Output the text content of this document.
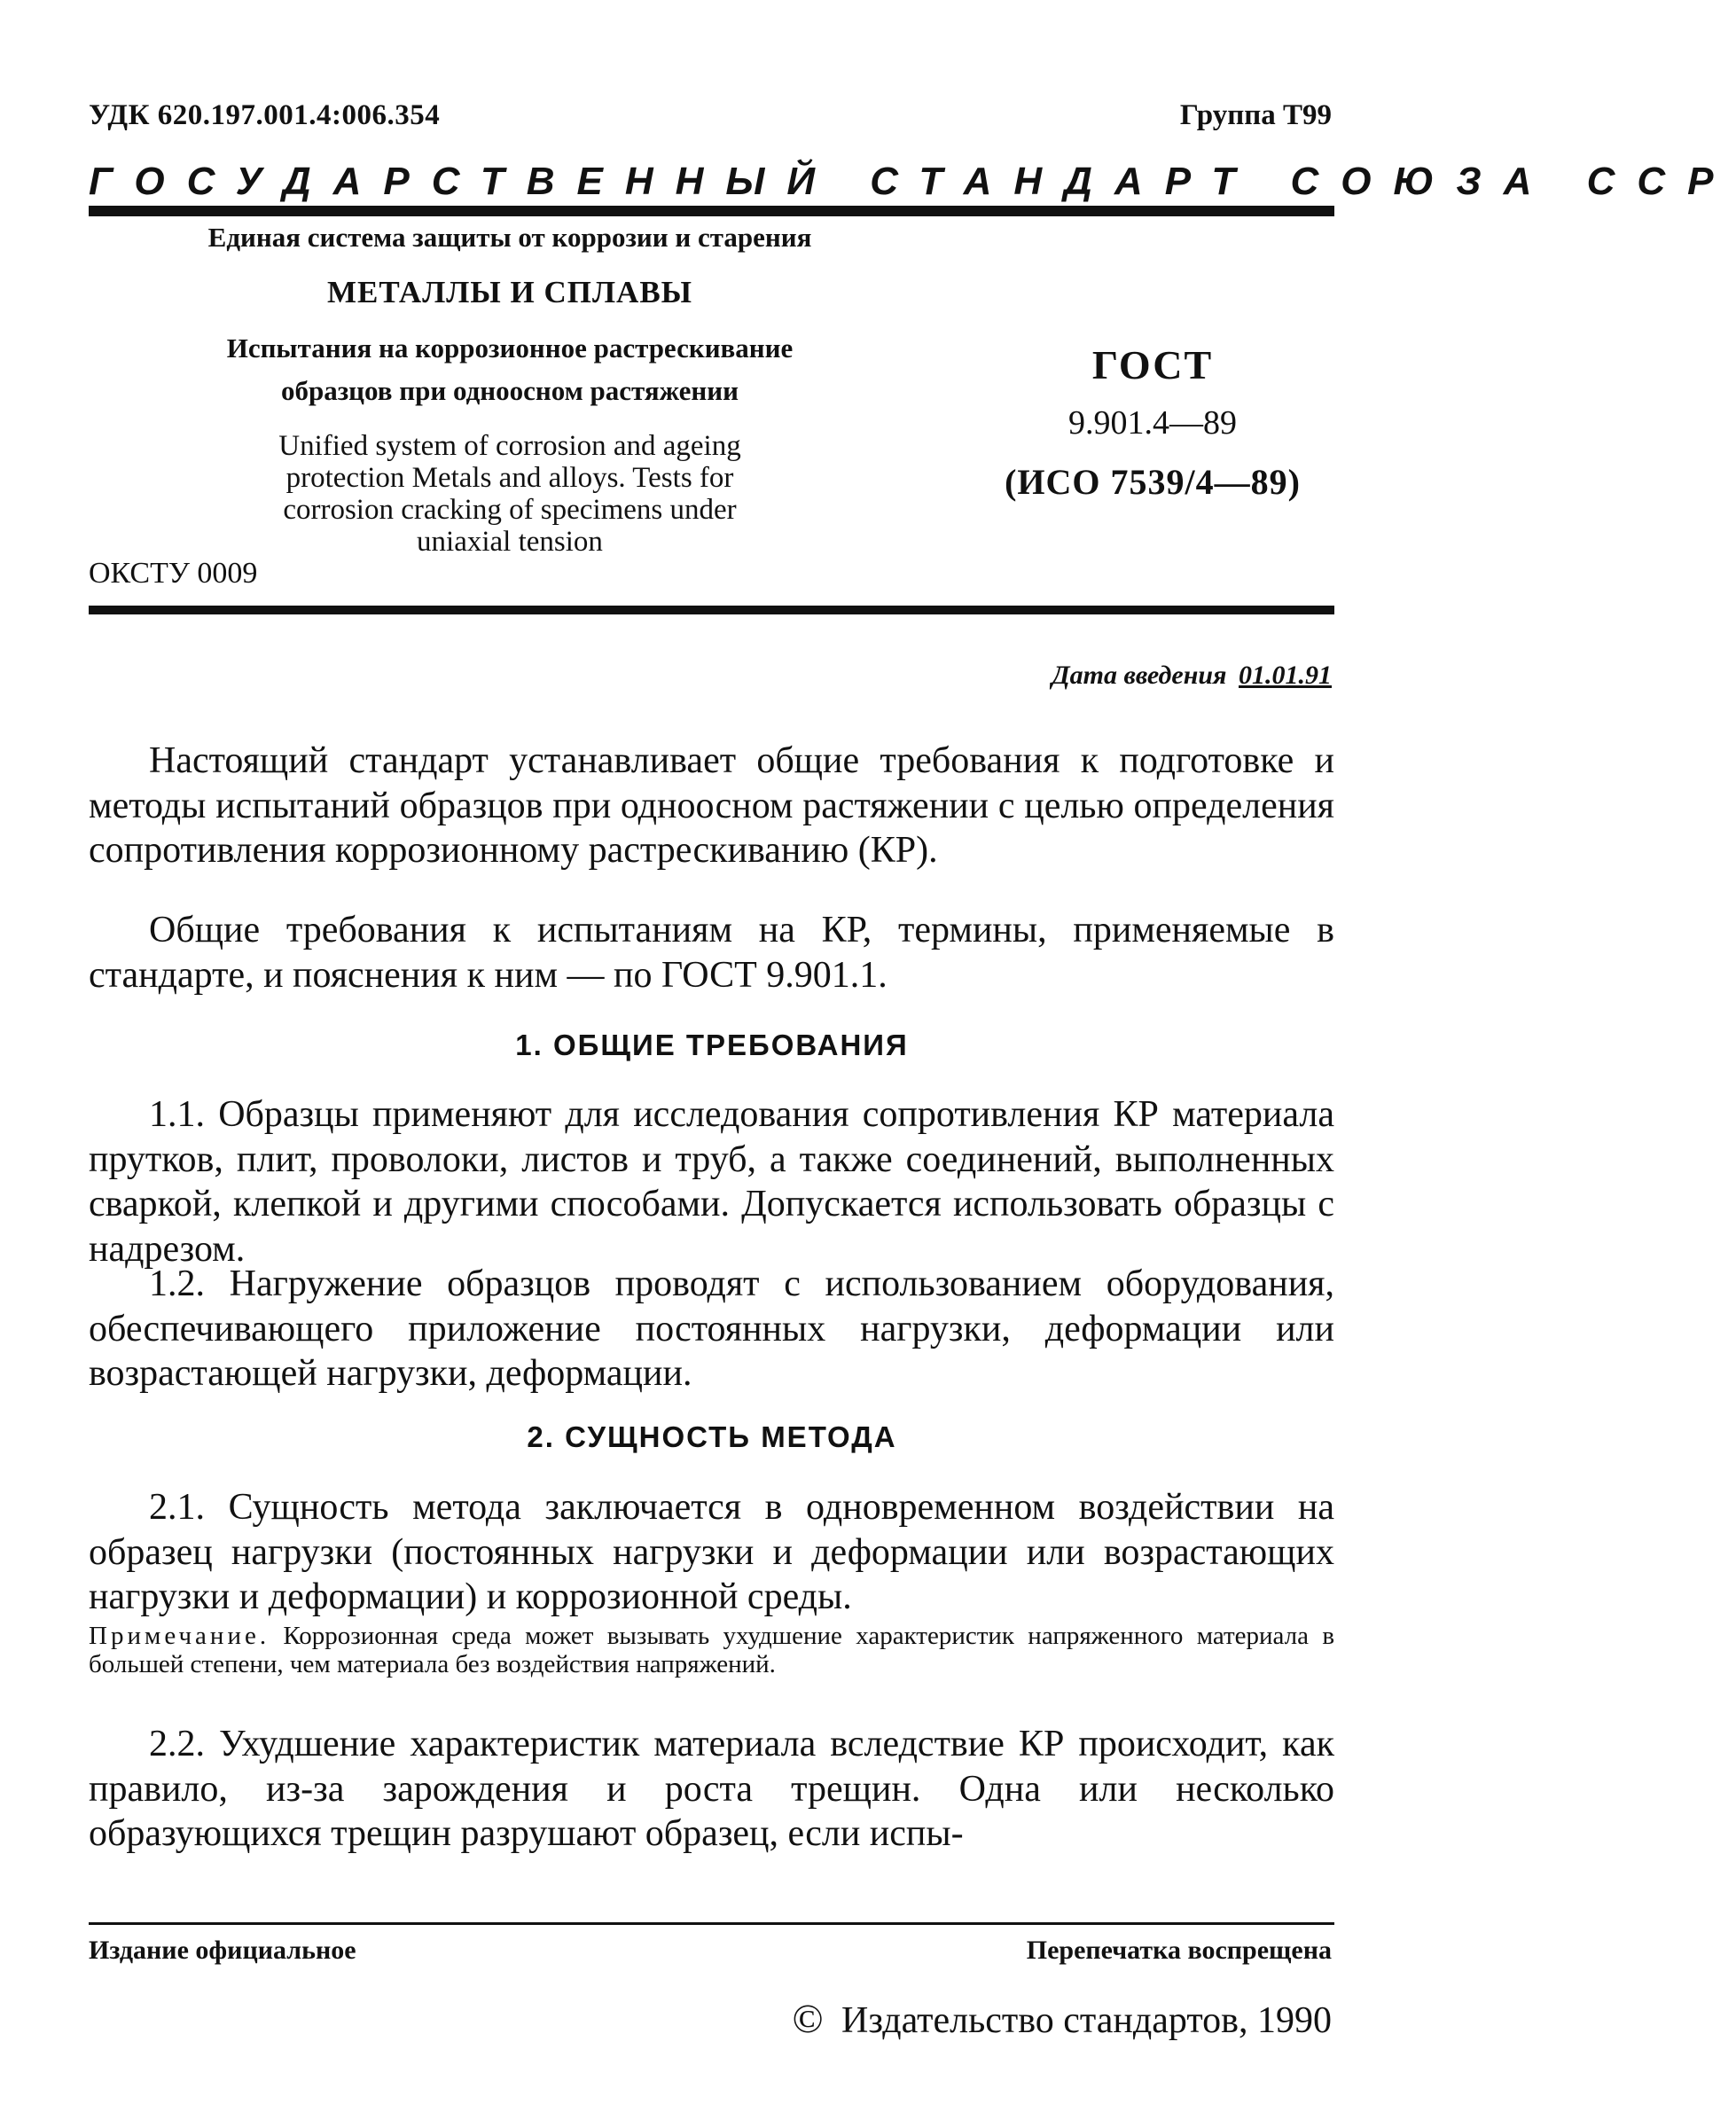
УДК 620.197.001.4:006.354	Группа Т99
ГОСУДАРСТВЕННЫЙ СТАНДАРТ СОЮЗА ССР
Единая система защиты от коррозии и старения
МЕТАЛЛЫ И СПЛАВЫ
Испытания на коррозионное растрескивание
образцов при одноосном растяжении
Unified system of corrosion and ageing
protection Metals and alloys. Tests for
corrosion cracking of specimens under
uniaxial tension
ОКСТУ 0009
ГОСТ
9.901.4—89
(ИСО 7539/4—89)
Дата введения 01.01.91

Настоящий стандарт устанавливает общие требования к подготовке и методы испытаний образцов при одноосном растяжении с целью определения сопротивления коррозионному растрескиванию (КР).

Общие требования к испытаниям на КР, термины, применяемые в стандарте, и пояснения к ним — по ГОСТ 9.901.1.

1. ОБЩИЕ ТРЕБОВАНИЯ

1.1. Образцы применяют для исследования сопротивления КР материала прутков, плит, проволоки, листов и труб, а также соединений, выполненных сваркой, клепкой и другими способами. Допускается использовать образцы с надрезом.

1.2. Нагружение образцов проводят с использованием оборудования, обеспечивающего приложение постоянных нагрузки, деформации или возрастающей нагрузки, деформации.

2. СУЩНОСТЬ МЕТОДА

2.1. Сущность метода заключается в одновременном воздействии на образец нагрузки (постоянных нагрузки и деформации или возрастающих нагрузки и деформации) и коррозионной среды.

Примечание. Коррозионная среда может вызывать ухудшение характеристик напряженного материала в большей степени, чем материала без воздействия напряжений.

2.2. Ухудшение характеристик материала вследствие КР происходит, как правило, из-за зарождения и роста трещин. Одна или несколько образующихся трещин разрушают образец, если испы-

Издание официальное	Перепечатка воспрещена
© Издательство стандартов, 1990
